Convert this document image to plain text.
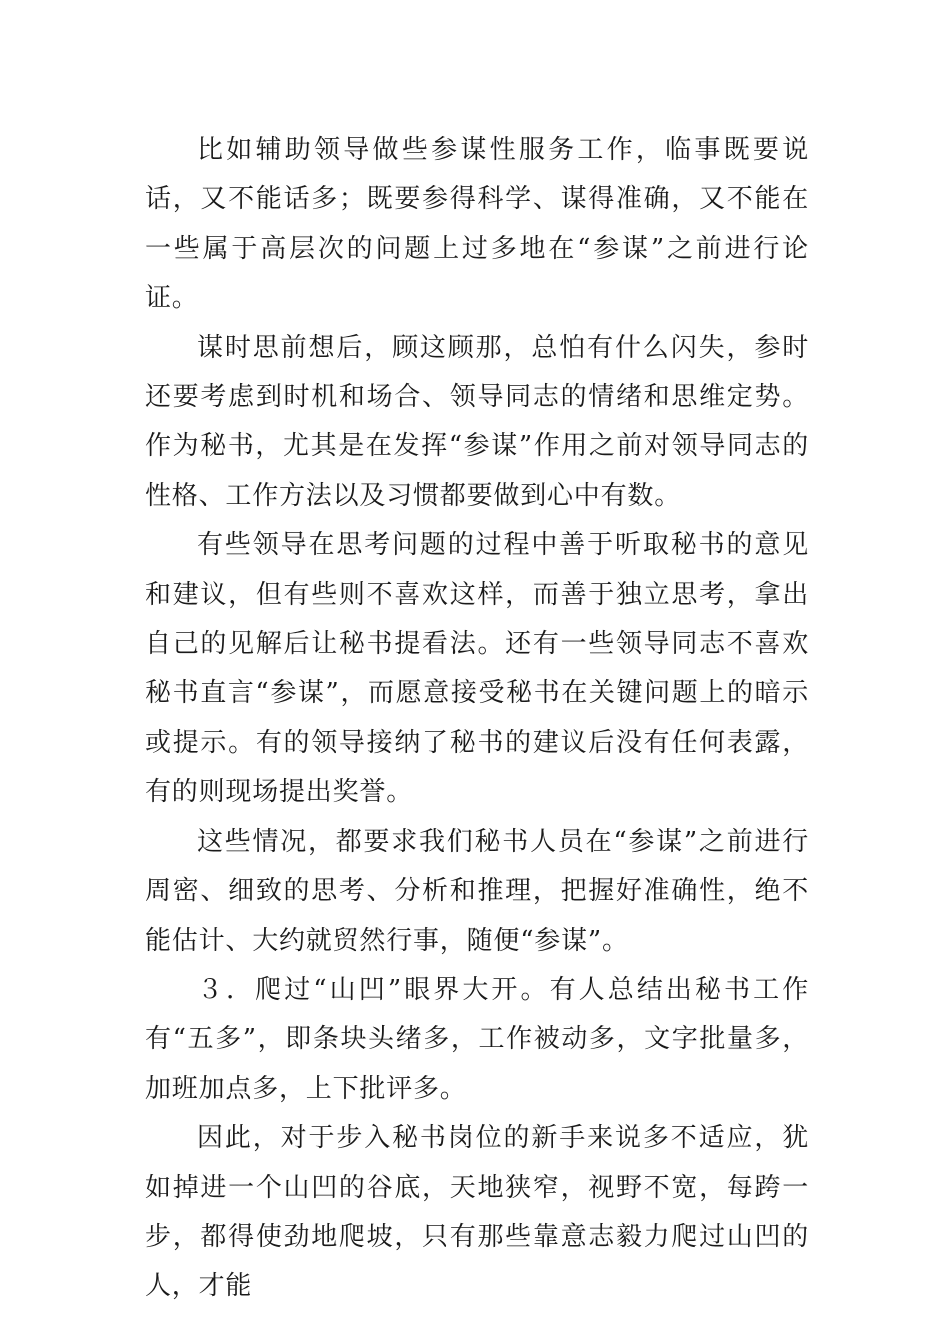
比如辅助领导做些参谋性服务工作，临事既要说话，又不能话多；既要参得科学、谋得准确，又不能在一些属于高层次的问题上过多地在“参谋”之前进行论证。

谋时思前想后，顾这顾那，总怕有什么闪失，参时还要考虑到时机和场合、领导同志的情绪和思维定势。作为秘书，尤其是在发挥“参谋”作用之前对领导同志的性格、工作方法以及习惯都要做到心中有数。

有些领导在思考问题的过程中善于听取秘书的意见和建议，但有些则不喜欢这样，而善于独立思考，拿出自己的见解后让秘书提看法。还有一些领导同志不喜欢秘书直言“参谋”，而愿意接受秘书在关键问题上的暗示或提示。有的领导接纳了秘书的建议后没有任何表露，有的则现场提出奖誉。

这些情况，都要求我们秘书人员在“参谋”之前进行周密、细致的思考、分析和推理，把握好准确性，绝不能估计、大约就贸然行事，随便“参谋”。

３．爬过“山凹”眼界大开。有人总结出秘书工作有“五多”，即条块头绪多，工作被动多，文字批量多，加班加点多，上下批评多。

因此，对于步入秘书岗位的新手来说多不适应，犹如掉进一个山凹的谷底，天地狭窄，视野不宽，每跨一步，都得使劲地爬坡，只有那些靠意志毅力爬过山凹的人，才能
